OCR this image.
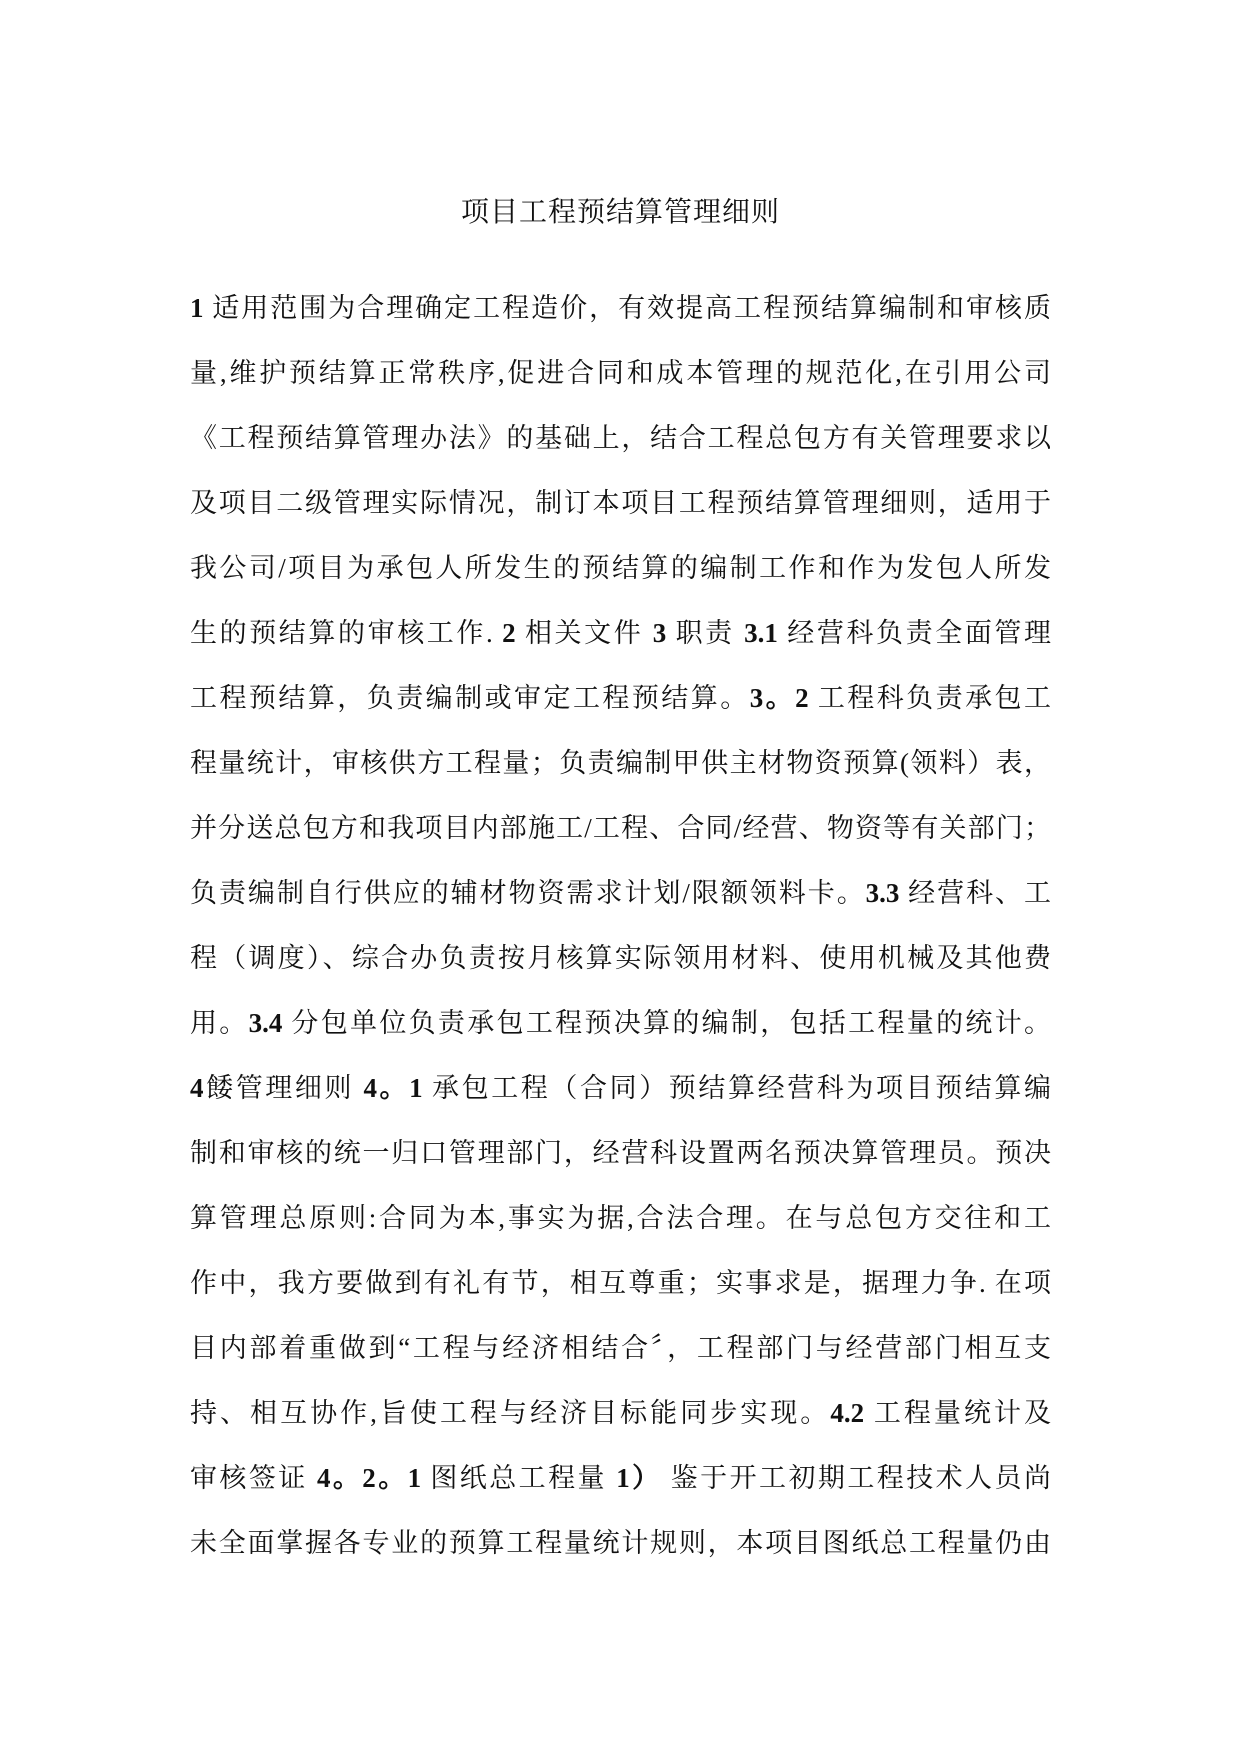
项目工程预结算管理细则
1 适用范围为合理确定工程造价，有效提高工程预结算编制和审核质
量,维护预结算正常秩序,促进合同和成本管理的规范化,在引用公司
《工程预结算管理办法》的基础上，结合工程总包方有关管理要求以
及项目二级管理实际情况，制订本项目工程预结算管理细则，适用于
我公司/项目为承包人所发生的预结算的编制工作和作为发包人所发
生的预结算的审核工作. 2 相关文件 3 职责 3.1 经营科负责全面管理
工程预结算，负责编制或审定工程预结算。3。2 工程科负责承包工
程量统计，审核供方工程量；负责编制甲供主材物资预算(领料）表，
并分送总包方和我项目内部施工/工程、合同/经营、物资等有关部门；
负责编制自行供应的辅材物资需求计划/限额领料卡。3.3 经营科、工
程（调度）、综合办负责按月核算实际领用材料、使用机械及其他费
用。3.4 分包单位负责承包工程预决算的编制，包括工程量的统计。
4餧管理细则 4。1 承包工程（合同）预结算经营科为项目预结算编
制和审核的统一归口管理部门，经营科设置两名预决算管理员。预决
算管理总原则:合同为本,事实为据,合法合理。在与总包方交往和工
作中，我方要做到有礼有节，相互尊重；实事求是，据理力争. 在项
目内部着重做到“工程与经济相结合〞，工程部门与经营部门相互支
持、相互协作,旨使工程与经济目标能同步实现。4.2 工程量统计及
审核签证 4。2。1 图纸总工程量 1） 鉴于开工初期工程技术人员尚
未全面掌握各专业的预算工程量统计规则，本项目图纸总工程量仍由
